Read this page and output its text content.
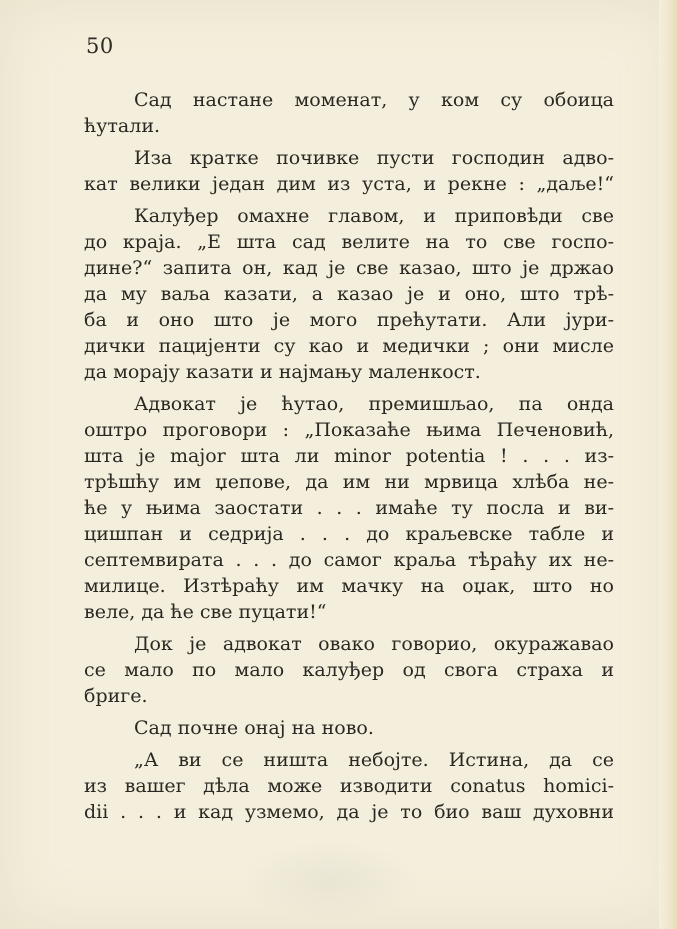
50

Сад настане моменат, у ком су обоица
ћутали.

Иза кратке почивке пусти господин адво-
кат велики један дим из уста, и рекне : „даље!“

Калуђер омахне главом, и приповѣди све
до краја. „Е шта сад велите на то све госпо-
дине?“ запита он, кад је све казао, што је држао
да му ваља казати, а казао је и оно, што трѣ-
ба и оно што је мого прећутати. Али јури-
дички пацијенти су као и медички ; они мисле
да морају казати и најмању маленкост.

Адвокат је ћутао, премишљао, па онда
оштро проговори : „Показаће њима Печеновић,
шта је major шта ли minor potentia ! . . . из-
трѣшћу им џепове, да им ни мрвица хлѣба не-
ће у њима заостати . . . имаће ту посла и ви-
цишпан и седрија . . . до краљевске табле и
септемвирата . . . до самог краља тѣраћу их не-
милице. Изтѣраћу им мачку на оџак, што но
веле, да ће све пуцати!“

Док је адвокат овако говорио, окуражавао
се мало по мало калуђер од свога страха и
бриге.

Сад почне онај на ново.

„А ви се ништа небојте. Истина, да се
из вашег дѣла може изводити conatus homici-
dii . . . и кад узмемо, да је то био ваш духовни
